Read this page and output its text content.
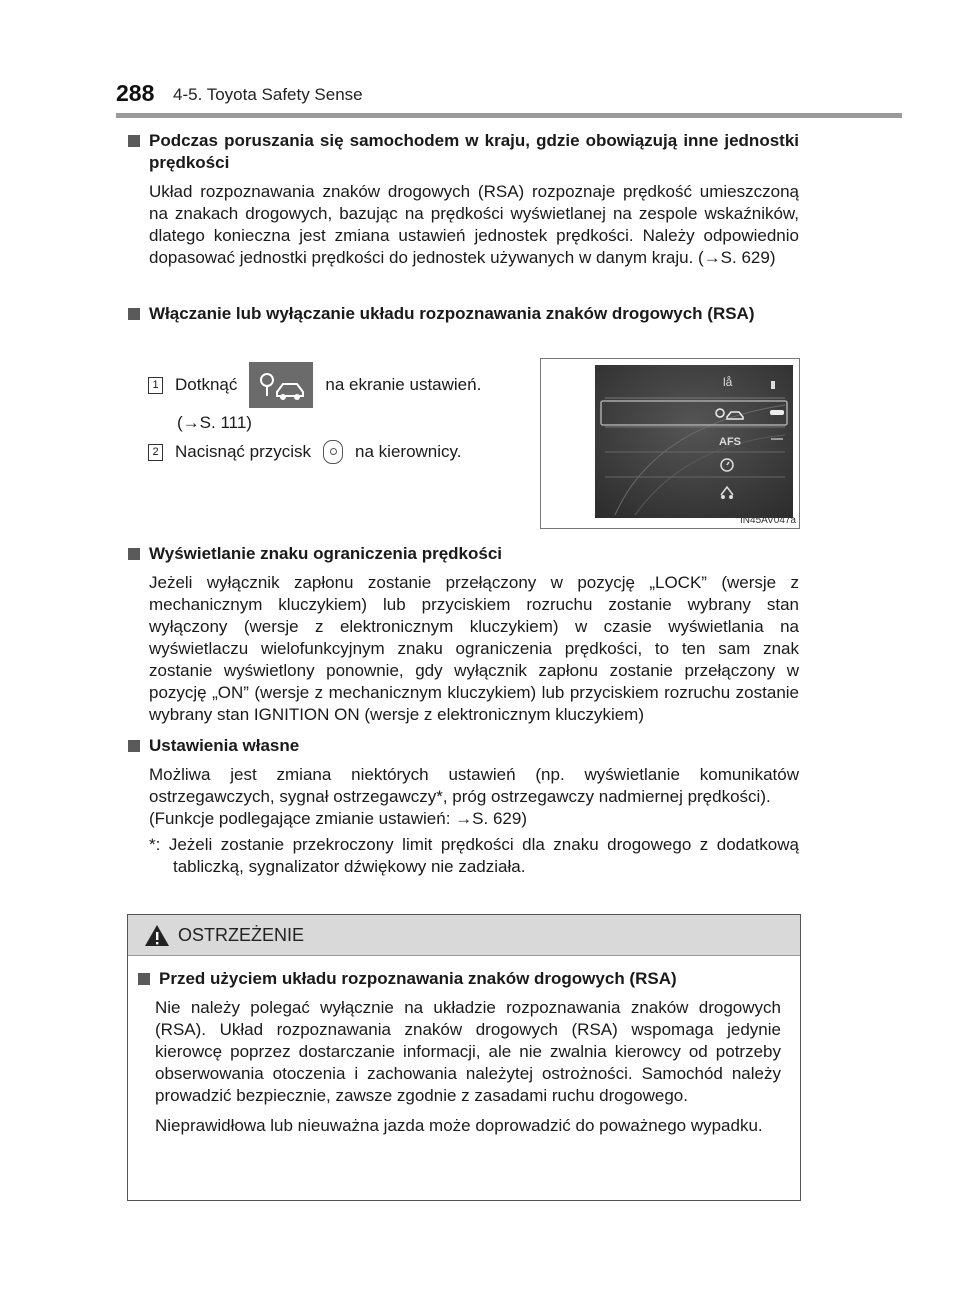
288 4-5. Toyota Safety Sense
Podczas poruszania się samochodem w kraju, gdzie obowiązują inne jednostki prędkości
Układ rozpoznawania znaków drogowych (RSA) rozpoznaje prędkość umieszczoną na znakach drogowych, bazując na prędkości wyświetlanej na zespole wskaźników, dlatego konieczna jest zmiana ustawień jednostek prędkości. Należy odpowiednio dopasować jednostki prędkości do jednostek używanych w danym kraju. (→S. 629)
Włączanie lub wyłączanie układu rozpoznawania znaków drogowych (RSA)
1 Dotknąć	na ekranie ustawień.
(→S. 111)
2 Nacisnąć przycisk	na kierownicy.
lå
AFS
IN45AV047a
Wyświetlanie znaku ograniczenia prędkości
Jeżeli wyłącznik zapłonu zostanie przełączony w pozycję „LOCK” (wersje z mechanicznym kluczykiem) lub przyciskiem rozruchu zostanie wybrany stan wyłączony (wersje z elektronicznym kluczykiem) w czasie wyświetlania na wyświetlaczu wielofunkcyjnym znaku ograniczenia prędkości, to ten sam znak zostanie wyświetlony ponownie, gdy wyłącznik zapłonu zostanie przełączony w pozycję „ON” (wersje z mechanicznym kluczykiem) lub przyciskiem rozruchu zostanie wybrany stan IGNITION ON (wersje z elektronicznym kluczykiem)
Ustawienia własne
Możliwa jest zmiana niektórych ustawień (np. wyświetlanie komunikatów ostrzegawczych, sygnał ostrzegawczy*, próg ostrzegawczy nadmiernej prędkości).
(Funkcje podlegające zmianie ustawień: →S. 629)
*: Jeżeli zostanie przekroczony limit prędkości dla znaku drogowego z dodatkową tabliczką, sygnalizator dźwiękowy nie zadziała.
OSTRZEŻENIE
Przed użyciem układu rozpoznawania znaków drogowych (RSA)
Nie należy polegać wyłącznie na układzie rozpoznawania znaków drogowych (RSA). Układ rozpoznawania znaków drogowych (RSA) wspomaga jedynie kierowcę poprzez dostarczanie informacji, ale nie zwalnia kierowcy od potrzeby obserwowania otoczenia i zachowania należytej ostrożności. Samochód należy prowadzić bezpiecznie, zawsze zgodnie z zasadami ruchu drogowego.
Nieprawidłowa lub nieuważna jazda może doprowadzić do poważnego wypadku.
